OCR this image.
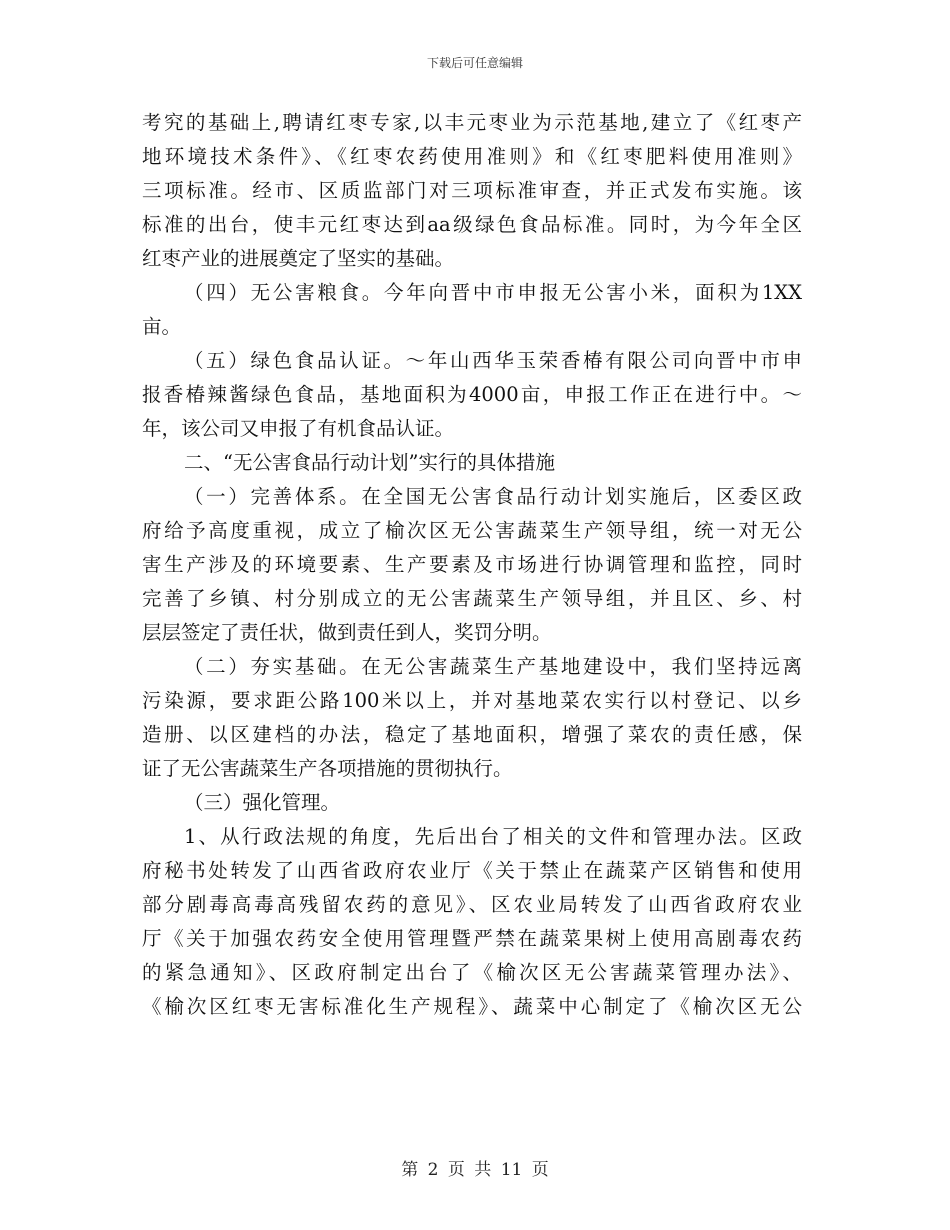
下载后可任意编辑
考究的基础上,聘请红枣专家,以丰元枣业为示范基地,建立了《红枣产
地环境技术条件》、《红枣农药使用准则》和《红枣肥料使用准则》
三项标准。经市、区质监部门对三项标准审查，并正式发布实施。该
标准的出台，使丰元红枣达到aa级绿色食品标准。同时，为今年全区
红枣产业的进展奠定了坚实的基础。
（四）无公害粮食。今年向晋中市申报无公害小米，面积为1XX
亩。
（五）绿色食品认证。～年山西华玉荣香椿有限公司向晋中市申
报香椿辣酱绿色食品，基地面积为4000亩，申报工作正在进行中。～
年，该公司又申报了有机食品认证。
二、“无公害食品行动计划”实行的具体措施
（一）完善体系。在全国无公害食品行动计划实施后，区委区政
府给予高度重视，成立了榆次区无公害蔬菜生产领导组，统一对无公
害生产涉及的环境要素、生产要素及市场进行协调管理和监控，同时
完善了乡镇、村分别成立的无公害蔬菜生产领导组，并且区、乡、村
层层签定了责任状，做到责任到人，奖罚分明。
（二）夯实基础。在无公害蔬菜生产基地建设中，我们坚持远离
污染源，要求距公路100米以上，并对基地菜农实行以村登记、以乡
造册、以区建档的办法，稳定了基地面积，增强了菜农的责任感，保
证了无公害蔬菜生产各项措施的贯彻执行。
（三）强化管理。
1、从行政法规的角度，先后出台了相关的文件和管理办法。区政
府秘书处转发了山西省政府农业厅《关于禁止在蔬菜产区销售和使用
部分剧毒高毒高残留农药的意见》、区农业局转发了山西省政府农业
厅《关于加强农药安全使用管理暨严禁在蔬菜果树上使用高剧毒农药
的紧急通知》、区政府制定出台了《榆次区无公害蔬菜管理办法》、
《榆次区红枣无害标准化生产规程》、蔬菜中心制定了《榆次区无公
第 2 页 共 11 页
